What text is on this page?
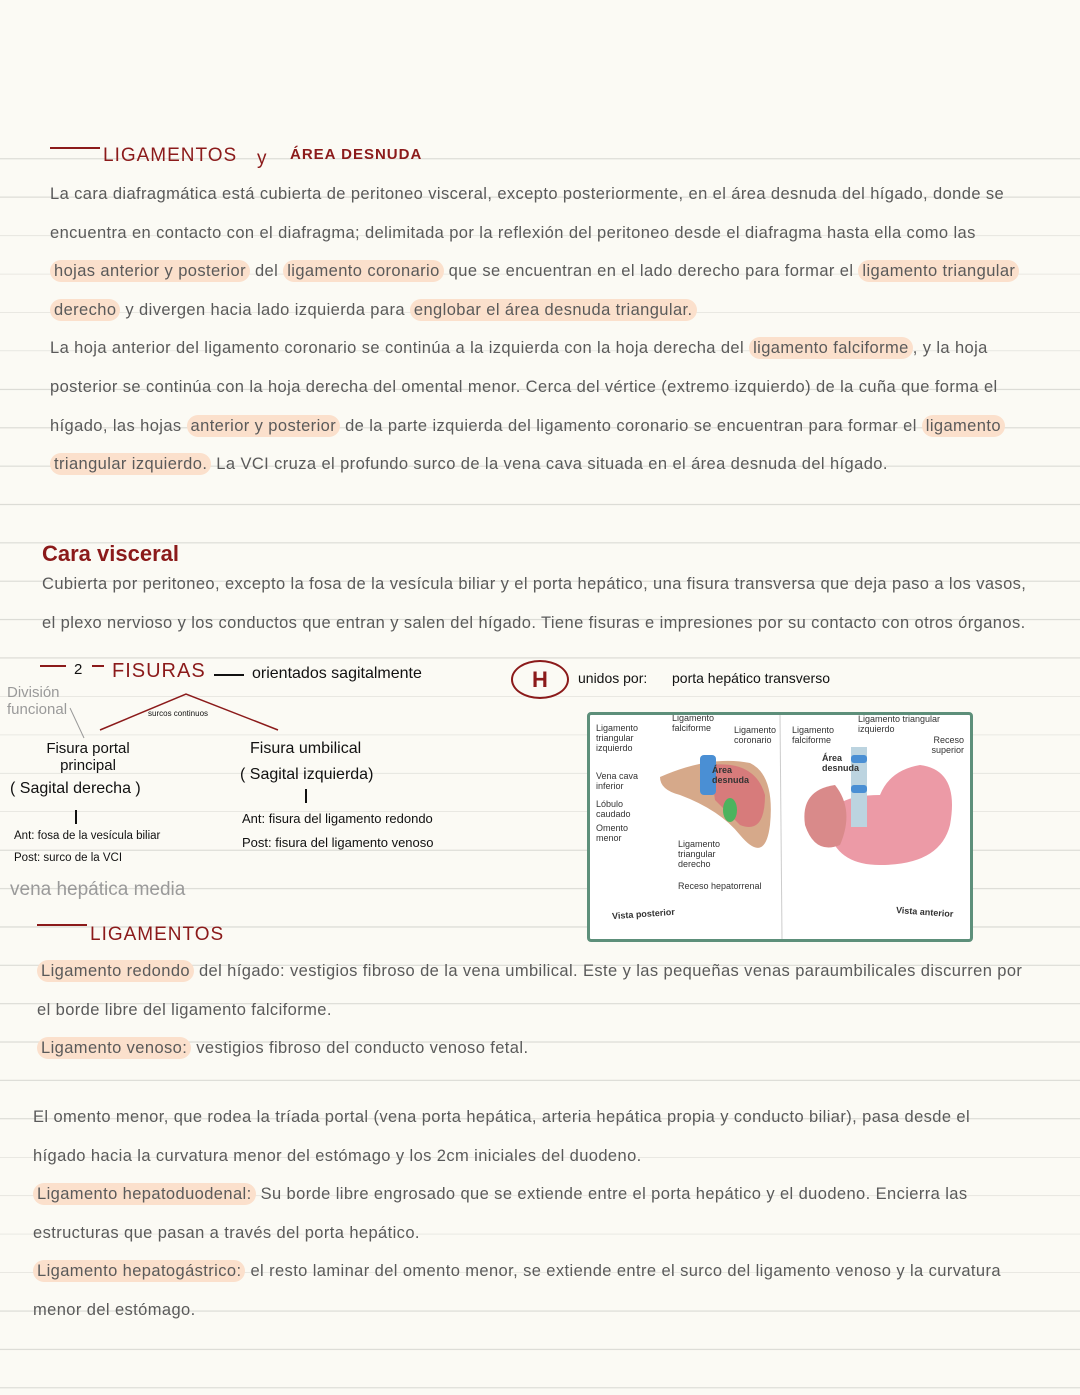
LIGAMENTOS y ÁREA DESNUDA
La cara diafragmática está cubierta de peritoneo visceral, excepto posteriormente, en el área desnuda del hígado, donde se
encuentra en contacto con el diafragma; delimitada por la reflexión del peritoneo desde el diafragma hasta ella como las
hojas anterior y posterior del ligamento coronario que se encuentran en el lado derecho para formar el ligamento triangular
derecho y divergen hacia lado izquierda para englobar el área desnuda triangular.
La hoja anterior del ligamento coronario se continúa a la izquierda con la hoja derecha del ligamento falciforme , y la hoja
posterior se continúa con la hoja derecha del omental menor. Cerca del vértice (extremo izquierdo) de la cuña que forma el
hígado, las hojas anterior y posterior de la parte izquierda del ligamento coronario se encuentran para formar el ligamento
triangular izquierdo. La VCI cruza el profundo surco de la vena cava situada en el área desnuda del hígado.
Cara visceral
Cubierta por peritoneo, excepto la fosa de la vesícula biliar y el porta hepático, una fisura transversa que deja paso a los vasos,
el plexo nervioso y los conductos que entran y salen del hígado. Tiene fisuras e impresiones por su contacto con otros órganos.
2 FISURAS	orientados sagitalmente
División funcional	surcos continuos
Fisura portal principal
( Sagital derecha )
Ant: fosa de la vesícula biliar
Post: surco de la VCI
vena hepática media
Fisura umbilical
( Sagital izquierda)
Ant: fisura del ligamento redondo
Post: fisura del ligamento venoso
H	unidos por: porta hepático transverso
Ligamento triangular izquierdo
Ligamento falciforme	Ligamento coronario
Ligamento falciforme
Ligamento triangular izquierdo
Receso superior
Vena cava inferior
Área desnuda
Área desnuda
Lóbulo caudado
Omento menor
Ligamento triangular derecho
Receso hepatorrenal
Vista posterior	Vista anterior
LIGAMENTOS
Ligamento redondo del hígado: vestigios fibroso de la vena umbilical. Este y las pequeñas venas paraumbilicales discurren por
el borde libre del ligamento falciforme.
Ligamento venoso: vestigios fibroso del conducto venoso fetal.
El omento menor, que rodea la tríada portal (vena porta hepática, arteria hepática propia y conducto biliar), pasa desde el
hígado hacia la curvatura menor del estómago y los 2cm iniciales del duodeno.
Ligamento hepatoduodenal: Su borde libre engrosado que se extiende entre el porta hepático y el duodeno. Encierra las
estructuras que pasan a través del porta hepático.
Ligamento hepatogástrico: el resto laminar del omento menor, se extiende entre el surco del ligamento venoso y la curvatura
menor del estómago.
